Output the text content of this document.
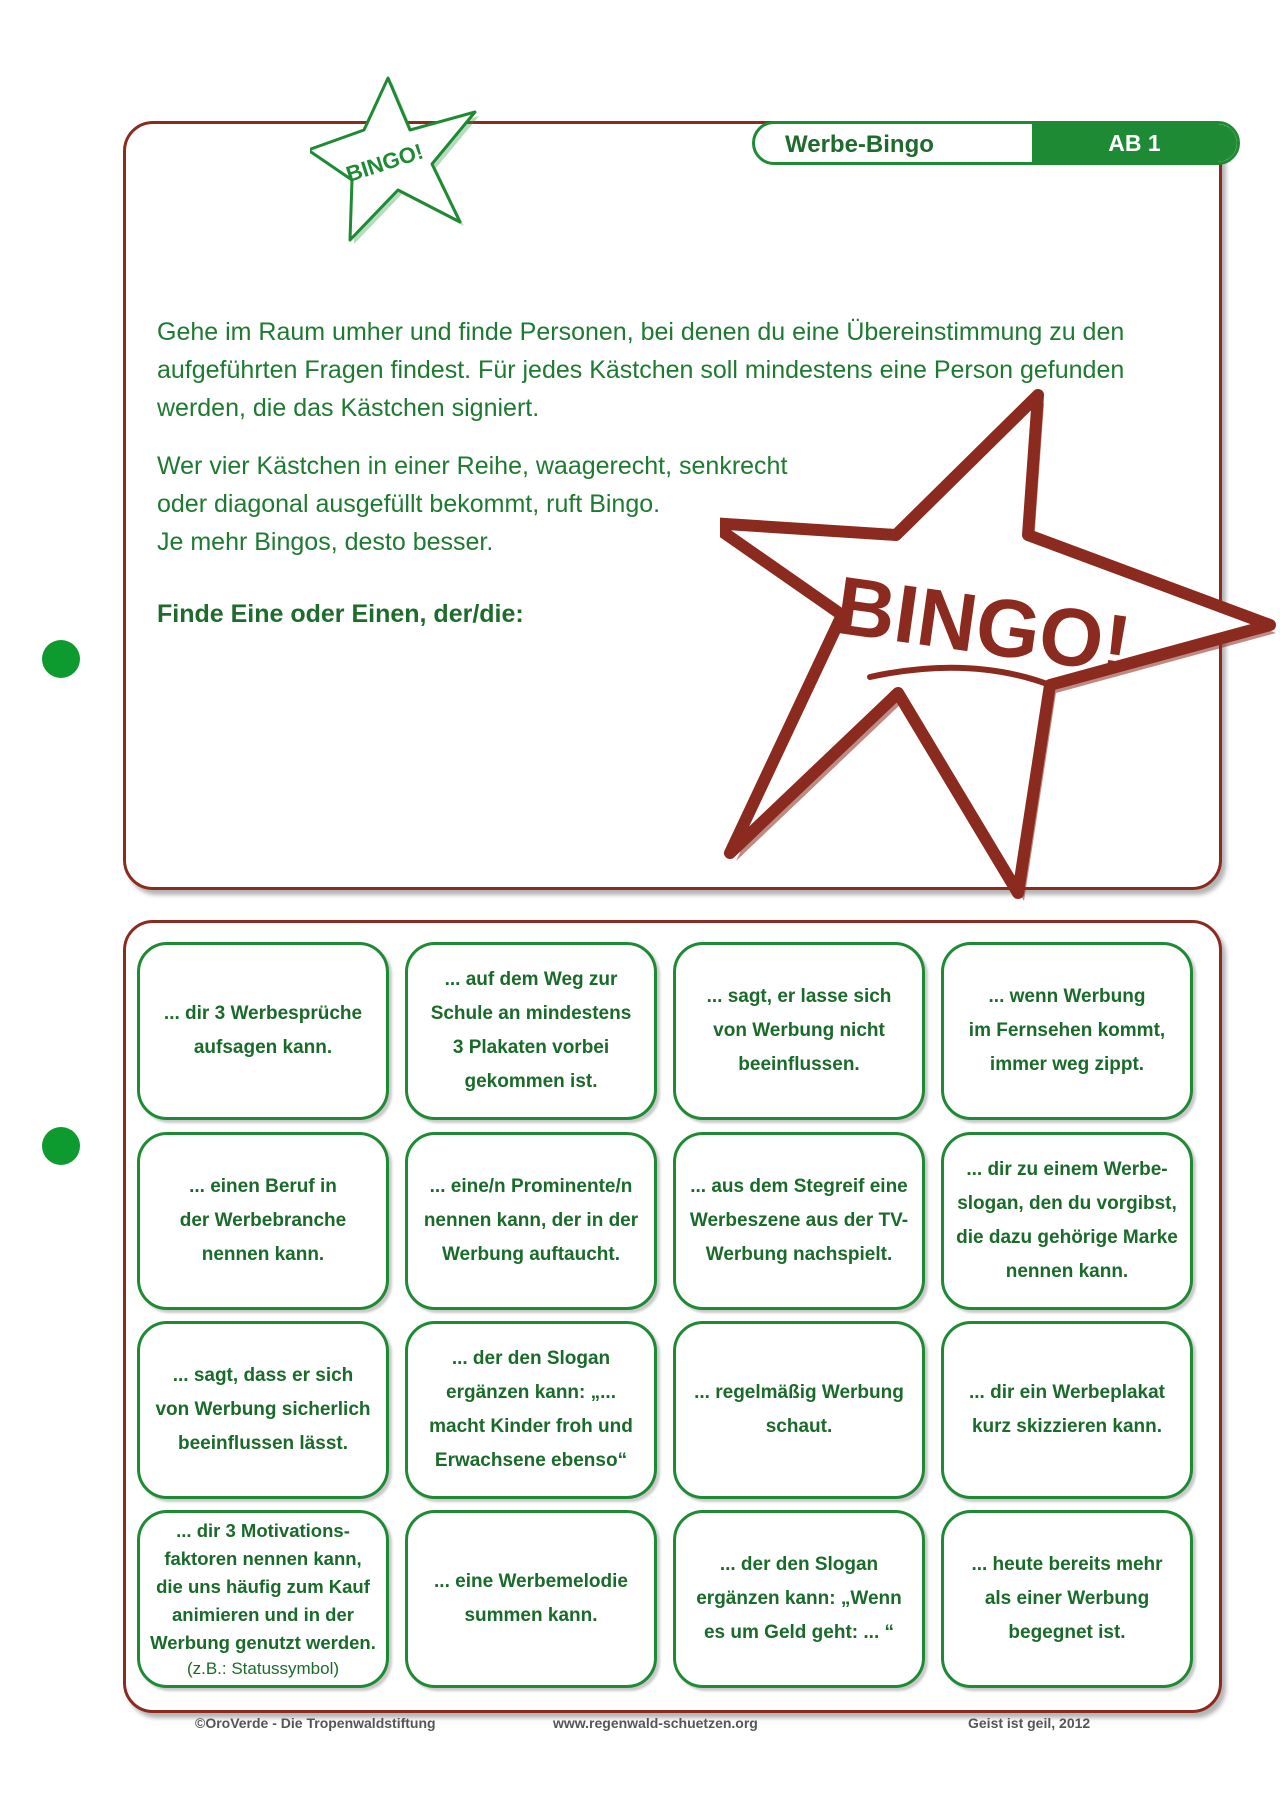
Werbe-Bingo	AB 1
BINGO!

Gehe im Raum umher und finde Personen, bei denen du eine Übereinstimmung zu den aufgeführten Fragen findest. Für jedes Kästchen soll mindestens eine Person gefunden werden, die das Kästchen signiert.

Wer vier Kästchen in einer Reihe, waagerecht, senkrecht

oder diagonal ausgefüllt bekommt, ruft Bingo.

Je mehr Bingos, desto besser.

Finde Eine oder Einen, der/die:	BINGO!
... dir 3 Werbesprüche
aufsagen kann.
... auf dem Weg zur
Schule an mindestens
3 Plakaten vorbei
gekommen ist.
... sagt, er lasse sich
von Werbung nicht
beeinflussen.
... wenn Werbung
im Fernsehen kommt,
immer weg zippt.
... einen Beruf in
der Werbebranche
nennen kann.
... eine/n Prominente/n
nennen kann, der in der
Werbung auftaucht.
... aus dem Stegreif eine
Werbeszene aus der TV-
Werbung nachspielt.
... dir zu einem Werbe-
slogan, den du vorgibst,
die dazu gehörige Marke
nennen kann.
... sagt, dass er sich
von Werbung sicherlich
beeinflussen lässt.
... der den Slogan
ergänzen kann: „...
macht Kinder froh und
Erwachsene ebenso“
... regelmäßig Werbung
schaut.
... dir ein Werbeplakat
kurz skizzieren kann.

... dir 3 Motivations-
faktoren nennen kann,
die uns häufig zum Kauf
animieren und in der
Werbung genutzt werden.

(z.B.: Statussymbol)

... eine Werbemelodie
summen kann.
... der den Slogan
ergänzen kann: „Wenn
es um Geld geht: ... “
... heute bereits mehr
als einer Werbung
begegnet ist.
©OroVerde - Die Tropenwaldstiftung	www.regenwald-schuetzen.org	Geist ist geil, 2012
